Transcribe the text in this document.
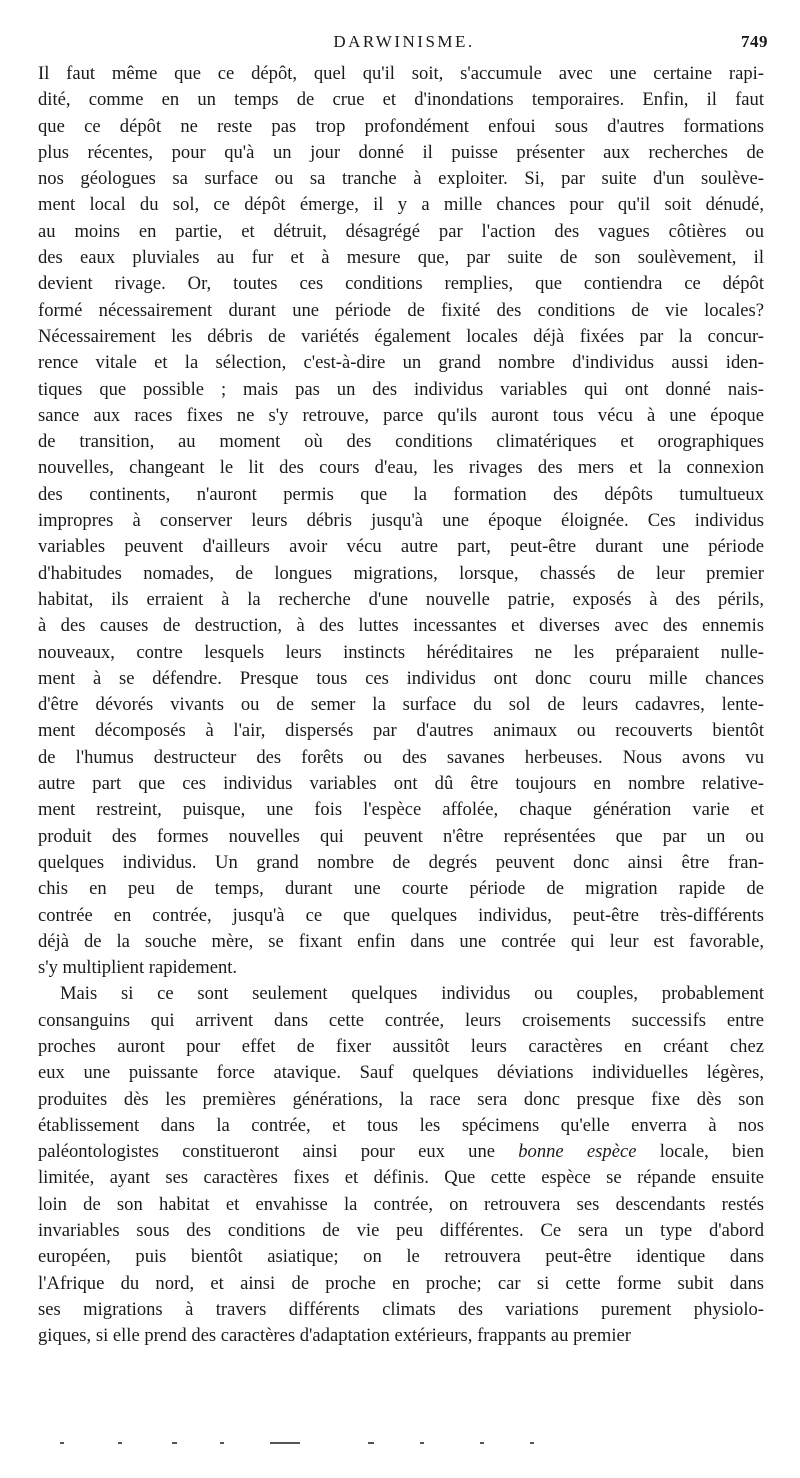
DARWINISME.	749
Il faut même que ce dépôt, quel qu'il soit, s'accumule avec une certaine rapi-
dité, comme en un temps de crue et d'inondations temporaires. Enfin, il faut
que ce dépôt ne reste pas trop profondément enfoui sous d'autres formations
plus récentes, pour qu'à un jour donné il puisse présenter aux recherches de
nos géologues sa surface ou sa tranche à exploiter. Si, par suite d'un soulève-
ment local du sol, ce dépôt émerge, il y a mille chances pour qu'il soit dénudé,
au moins en partie, et détruit, désagrégé par l'action des vagues côtières ou
des eaux pluviales au fur et à mesure que, par suite de son soulèvement, il
devient rivage. Or, toutes ces conditions remplies, que contiendra ce dépôt
formé nécessairement durant une période de fixité des conditions de vie locales?
Nécessairement les débris de variétés également locales déjà fixées par la concur-
rence vitale et la sélection, c'est-à-dire un grand nombre d'individus aussi iden-
tiques que possible ; mais pas un des individus variables qui ont donné nais-
sance aux races fixes ne s'y retrouve, parce qu'ils auront tous vécu à une époque
de transition, au moment où des conditions climatériques et orographiques
nouvelles, changeant le lit des cours d'eau, les rivages des mers et la connexion
des continents, n'auront permis que la formation des dépôts tumultueux
impropres à conserver leurs débris jusqu'à une époque éloignée. Ces individus
variables peuvent d'ailleurs avoir vécu autre part, peut-être durant une période
d'habitudes nomades, de longues migrations, lorsque, chassés de leur premier
habitat, ils erraient à la recherche d'une nouvelle patrie, exposés à des périls,
à des causes de destruction, à des luttes incessantes et diverses avec des ennemis
nouveaux, contre lesquels leurs instincts héréditaires ne les préparaient nulle-
ment à se défendre. Presque tous ces individus ont donc couru mille chances
d'être dévorés vivants ou de semer la surface du sol de leurs cadavres, lente-
ment décomposés à l'air, dispersés par d'autres animaux ou recouverts bientôt
de l'humus destructeur des forêts ou des savanes herbeuses. Nous avons vu
autre part que ces individus variables ont dû être toujours en nombre relative-
ment restreint, puisque, une fois l'espèce affolée, chaque génération varie et
produit des formes nouvelles qui peuvent n'être représentées que par un ou
quelques individus. Un grand nombre de degrés peuvent donc ainsi être fran-
chis en peu de temps, durant une courte période de migration rapide de
contrée en contrée, jusqu'à ce que quelques individus, peut-être très-différents
déjà de la souche mère, se fixant enfin dans une contrée qui leur est favorable,
s'y multiplient rapidement.
Mais si ce sont seulement quelques individus ou couples, probablement
consanguins qui arrivent dans cette contrée, leurs croisements successifs entre
proches auront pour effet de fixer aussitôt leurs caractères en créant chez
eux une puissante force atavique. Sauf quelques déviations individuelles légères,
produites dès les premières générations, la race sera donc presque fixe dès son
établissement dans la contrée, et tous les spécimens qu'elle enverra à nos
paléontologistes constitueront ainsi pour eux une bonne espèce locale, bien
limitée, ayant ses caractères fixes et définis. Que cette espèce se répande ensuite
loin de son habitat et envahisse la contrée, on retrouvera ses descendants restés
invariables sous des conditions de vie peu différentes. Ce sera un type d'abord
européen, puis bientôt asiatique; on le retrouvera peut-être identique dans
l'Afrique du nord, et ainsi de proche en proche; car si cette forme subit dans
ses migrations à travers différents climats des variations purement physiolo-
giques, si elle prend des caractères d'adaptation extérieurs, frappants au premier
